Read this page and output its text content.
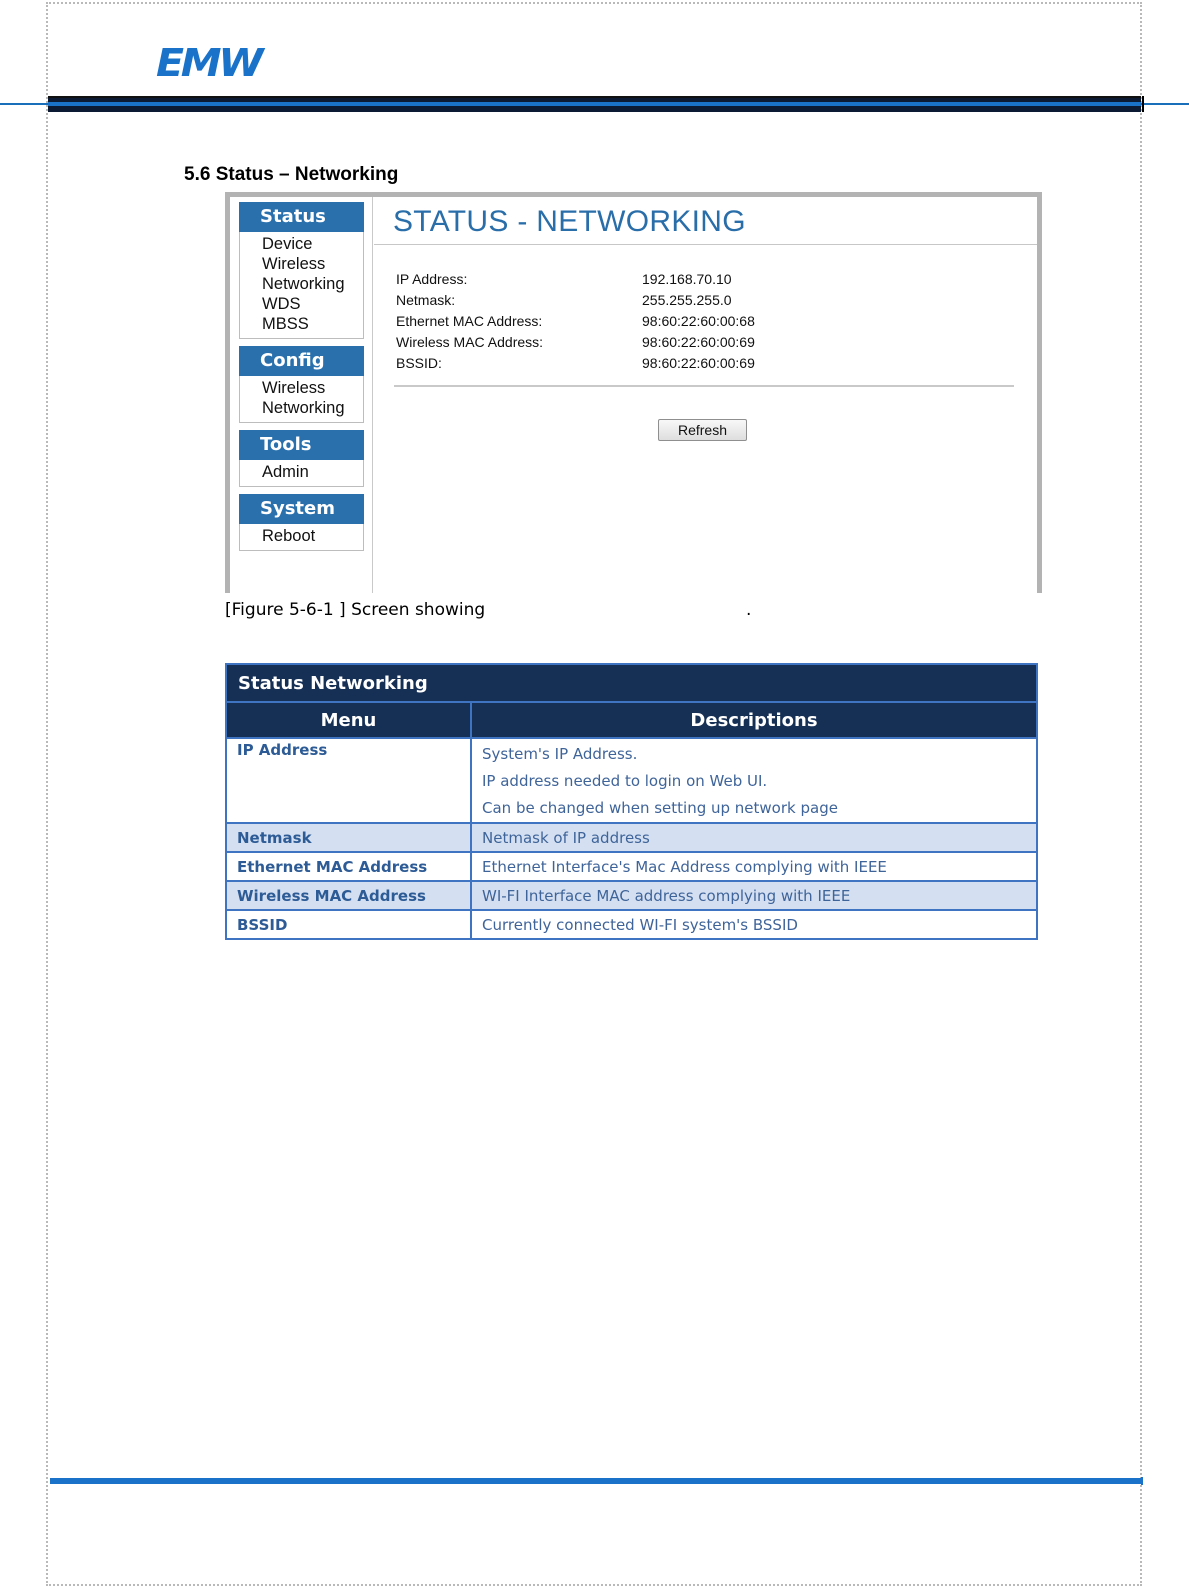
EMW
5.6 Status – Networking
Status
Device
Wireless
Networking
WDS
MBSS
Config
Wireless
Networking
Tools
Admin
System
Reboot
STATUS - NETWORKING
IP Address:	192.168.70.10
Netmask:	255.255.255.0
Ethernet MAC Address:	98:60:22:60:00:68
Wireless MAC Address:	98:60:22:60:00:69
BSSID:	98:60:22:60:00:69
Refresh
[Figure 5-6-1 ] Screen showing	.
Status Networking	
Menu	Descriptions
IP Address	System's IP Address.
IP address needed to login on Web UI.
Can be changed when setting up network page

Netmask	Netmask of IP address
Ethernet MAC Address	Ethernet Interface's Mac Address complying with IEEE
Wireless MAC Address	WI-FI Interface MAC address complying with IEEE
BSSID	Currently connected WI-FI system's BSSID
